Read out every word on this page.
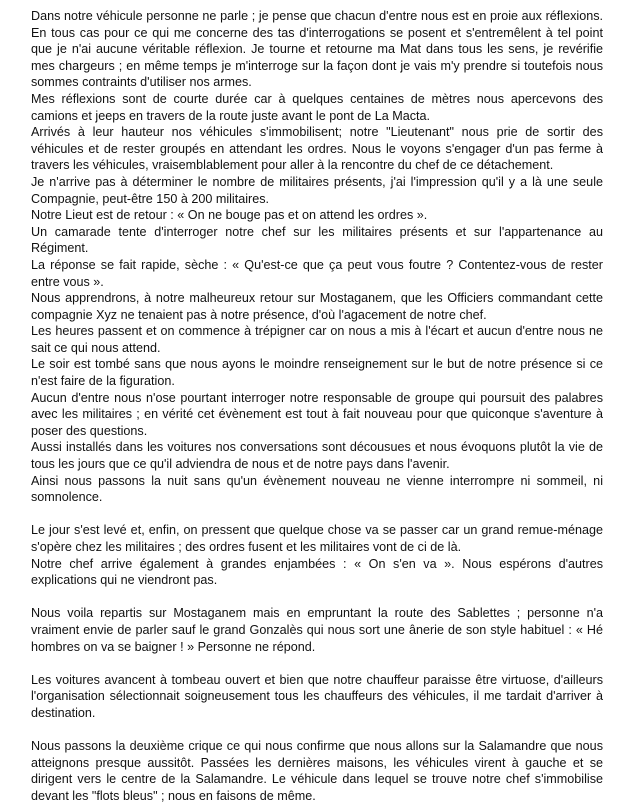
Dans notre véhicule personne ne parle ; je pense que chacun d'entre nous est en proie aux réflexions. En tous cas pour ce qui me concerne des tas d'interrogations se posent et s'entremêlent à tel point que je n'ai aucune véritable réflexion. Je tourne et retourne ma Mat dans tous les sens, je revérifie mes chargeurs ; en même temps je m'interroge sur la façon dont je vais m'y prendre si toutefois nous sommes contraints d'utiliser nos armes.

Mes réflexions sont de courte durée car à quelques centaines de mètres nous apercevons des camions et jeeps en travers de la route juste avant le pont de La Macta.

Arrivés à leur hauteur nos véhicules s'immobilisent; notre "Lieutenant" nous prie de sortir des véhicules et de rester groupés en attendant les ordres. Nous le voyons s'engager d'un pas ferme à travers les véhicules, vraisemblablement pour aller à la rencontre du chef de ce détachement.

Je n'arrive pas à déterminer le nombre de militaires présents, j'ai l'impression qu'il y a là une seule Compagnie, peut-être 150 à 200 militaires.

Notre Lieut est de retour : « On ne bouge pas et on attend les ordres ».

Un camarade tente d'interroger notre chef sur les militaires présents et sur l'appartenance au Régiment.

La réponse se fait rapide, sèche : « Qu'est-ce que ça peut vous foutre ? Contentez-vous de rester entre vous ».

Nous apprendrons, à notre malheureux retour sur Mostaganem, que les Officiers commandant cette compagnie Xyz ne tenaient pas à notre présence, d'où l'agacement de notre chef.

Les heures passent et on commence à trépigner car on nous a mis à l'écart et aucun d'entre nous ne sait ce qui nous attend.

Le soir est tombé sans que nous ayons le moindre renseignement sur le but de notre présence si ce n'est faire de la figuration.

Aucun d'entre nous n'ose pourtant interroger notre responsable de groupe qui poursuit des palabres avec les militaires ; en vérité cet évènement est tout à fait nouveau pour que quiconque s'aventure à poser des questions.

Aussi installés dans les voitures nos conversations sont décousues et nous évoquons plutôt la vie de tous les jours que ce qu'il adviendra de nous et de notre pays dans l'avenir.

Ainsi nous passons la nuit sans qu'un évènement nouveau ne vienne interrompre ni sommeil, ni somnolence.

Le jour s'est levé et, enfin, on pressent que quelque chose va se passer car un grand remue-ménage s'opère chez les militaires ; des ordres fusent et les militaires vont de ci de là.

Notre chef arrive également à grandes enjambées : « On s'en va ». Nous espérons d'autres explications qui ne viendront pas.

Nous voila repartis sur Mostaganem mais en empruntant la route des Sablettes ; personne n'a vraiment envie de parler sauf le grand Gonzalès qui nous sort une ânerie de son style habituel : « Hé hombres on va se baigner ! » Personne ne répond.

Les voitures avancent à tombeau ouvert et bien que notre chauffeur paraisse être virtuose, d'ailleurs l'organisation sélectionnait soigneusement tous les chauffeurs des véhicules, il me tardait d'arriver à destination.

Nous passons la deuxième crique ce qui nous confirme que nous allons sur la Salamandre que nous atteignons presque aussitôt. Passées les dernières maisons, les véhicules virent à gauche et se dirigent vers le centre de la Salamandre. Le véhicule dans lequel se trouve notre chef s'immobilise devant les "flots bleus" ; nous en faisons de même.
